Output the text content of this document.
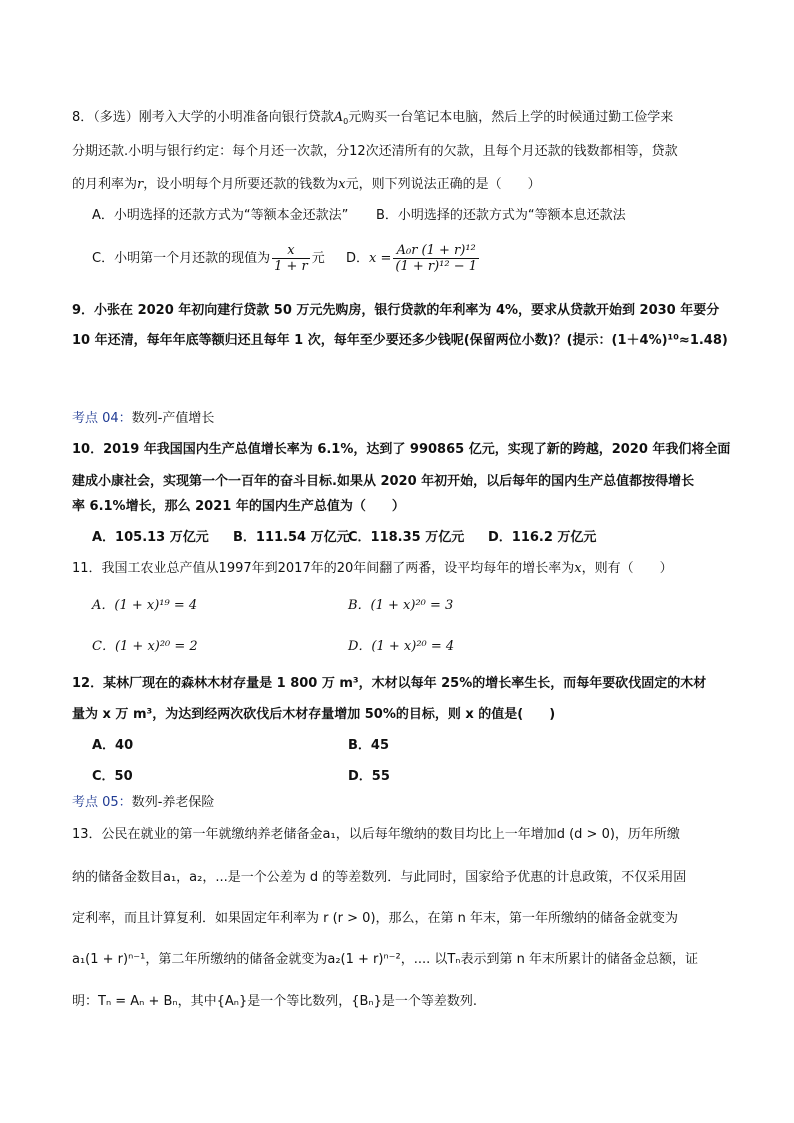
8．（多选）刚考入大学的小明准备向银行贷款$A_0$元购买一台笔记本电脑，然后上学的时候通过勤工俭学来
分期还款.小明与银行约定：每个月还一次款，分12次还清所有的欠款，且每个月还款的钱数都相等，贷款
的月利率为r，设小明每个月所要还款的钱数为x元，则下列说法正确的是（　　）
A．小明选择的还款方式为“等额本金还款法” B．小明选择的还款方式为“等额本息还款法
C．小明第一个月还款的现值为 $\frac{x}{1 + r}$ 元 D．$x = \frac{\text{A₀r (1 + r)¹²}}{\text{(1 + r)¹² − 1}}$
9．小张在 2020 年初向建行贷款 50 万元先购房，银行贷款的年利率为 4%，要求从贷款开始到 2030 年要分
10 年还清，每年年底等额归还且每年 1 次，每年至少要还多少钱呢(保留两位小数)？(提示：(1＋4%)¹⁰≈1.48)
考点 04：数列-产值增长
10．2019 年我国国内生产总值增长率为 6.1%，达到了 990865 亿元，实现了新的跨越，2020 年我们将全面
建成小康社会，实现第一个一百年的奋斗目标.如果从 2020 年初开始，以后每年的国内生产总值都按得增长
率 6.1%增长，那么 2021 年的国内生产总值为（　　）
A．105.13 万亿元 B．111.54 万亿元
C．118.35 万亿元 D．116.2 万亿元
11．我国工农业总产值从1997年到2017年的20年间翻了两番，设平均每年的增长率为x，则有（　　）
A．(1 + x)¹⁹ = 4	B．(1 + x)²⁰ = 3
C．(1 + x)²⁰ = 2	D．(1 + x)²⁰ = 4
12．某林厂现在的森林木材存量是 1 800 万 m³，木材以每年 25%的增长率生长，而每年要砍伐固定的木材
量为 x 万 m³，为达到经两次砍伐后木材存量增加 50%的目标，则 x 的值是(　　)
A．40	B．45
C．50	D．55
考点 05：数列-养老保险
13．公民在就业的第一年就缴纳养老储备金a₁，以后每年缴纳的数目均比上一年增加d (d > 0)，历年所缴
纳的储备金数目a₁，a₂，...是一个公差为 d 的等差数列．与此同时，国家给予优惠的计息政策，不仅采用固
定利率，而且计算复利．如果固定年利率为 r (r > 0)，那么，在第 n 年末，第一年所缴纳的储备金就变为
a₁(1 + r)ⁿ⁻¹，第二年所缴纳的储备金就变为a₂(1 + r)ⁿ⁻²，.... 以Tₙ表示到第 n 年末所累计的储备金总额，证
明：Tₙ = Aₙ + Bₙ，其中{Aₙ}是一个等比数列，{Bₙ}是一个等差数列.
